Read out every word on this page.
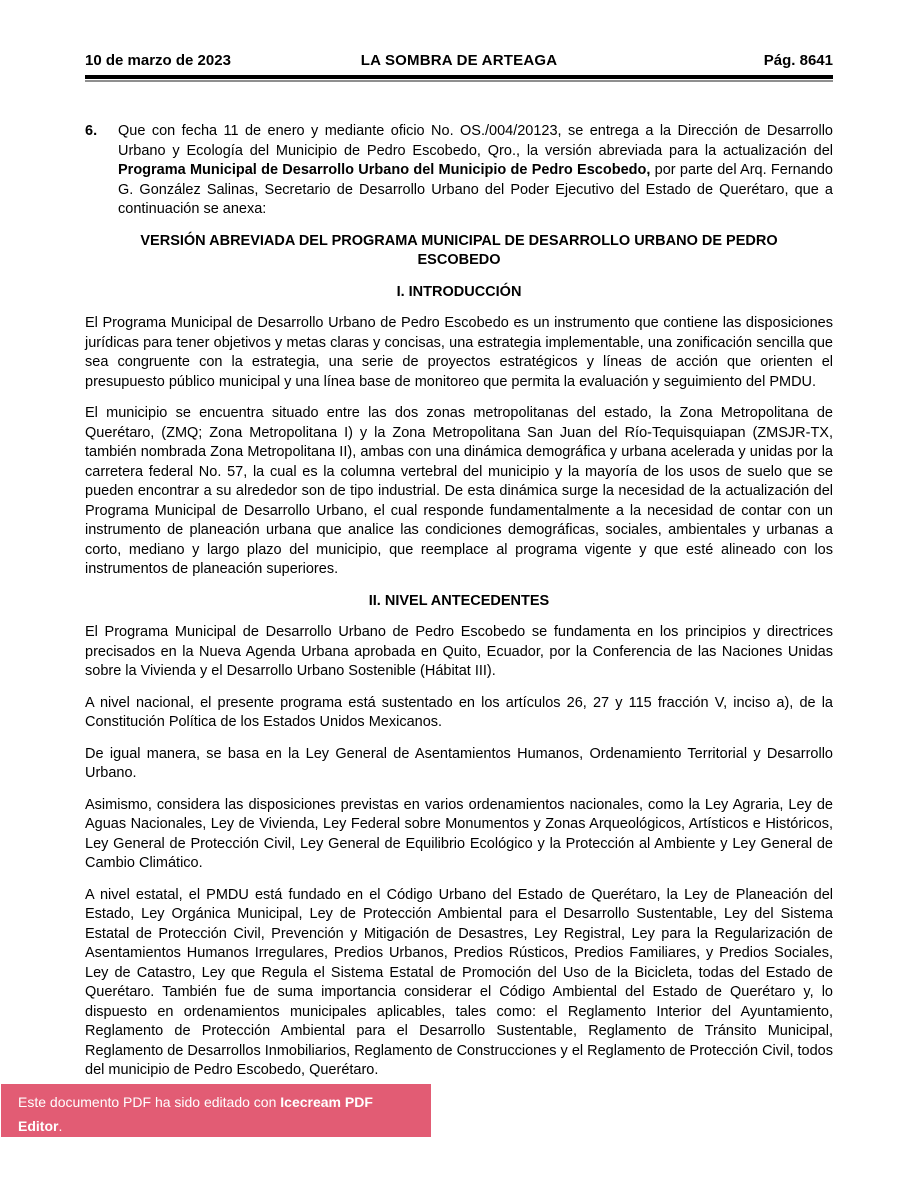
10 de marzo de 2023	LA SOMBRA DE ARTEAGA	Pág. 8641
6.	Que con fecha 11 de enero y mediante oficio No. OS./004/20123, se entrega a la Dirección de Desarrollo Urbano y Ecología del Municipio de Pedro Escobedo, Qro., la versión abreviada para la actualización del Programa Municipal de Desarrollo Urbano del Municipio de Pedro Escobedo, por parte del Arq. Fernando G. González Salinas, Secretario de Desarrollo Urbano del Poder Ejecutivo del Estado de Querétaro, que a continuación se anexa:

VERSIÓN ABREVIADA DEL PROGRAMA MUNICIPAL DE DESARROLLO URBANO DE PEDRO ESCOBEDO
I. INTRODUCCIÓN

El Programa Municipal de Desarrollo Urbano de Pedro Escobedo es un instrumento que contiene las disposiciones jurídicas para tener objetivos y metas claras y concisas, una estrategia implementable, una zonificación sencilla que sea congruente con la estrategia, una serie de proyectos estratégicos y líneas de acción que orienten el presupuesto público municipal y una línea base de monitoreo que permita la evaluación y seguimiento del PMDU.

El municipio se encuentra situado entre las dos zonas metropolitanas del estado, la Zona Metropolitana de Querétaro, (ZMQ; Zona Metropolitana I) y la Zona Metropolitana San Juan del Río-Tequisquiapan (ZMSJR-TX, también nombrada Zona Metropolitana II), ambas con una dinámica demográfica y urbana acelerada y unidas por la carretera federal No. 57, la cual es la columna vertebral del municipio y la mayoría de los usos de suelo que se pueden encontrar a su alrededor son de tipo industrial. De esta dinámica surge la necesidad de la actualización del Programa Municipal de Desarrollo Urbano, el cual responde fundamentalmente a la necesidad de contar con un instrumento de planeación urbana que analice las condiciones demográficas, sociales, ambientales y urbanas a corto, mediano y largo plazo del municipio, que reemplace al programa vigente y que esté alineado con los instrumentos de planeación superiores.

II. NIVEL ANTECEDENTES

El Programa Municipal de Desarrollo Urbano de Pedro Escobedo se fundamenta en los principios y directrices precisados en la Nueva Agenda Urbana aprobada en Quito, Ecuador, por la Conferencia de las Naciones Unidas sobre la Vivienda y el Desarrollo Urbano Sostenible (Hábitat III).

A nivel nacional, el presente programa está sustentado en los artículos 26, 27 y 115 fracción V, inciso a), de la Constitución Política de los Estados Unidos Mexicanos.

De igual manera, se basa en la Ley General de Asentamientos Humanos, Ordenamiento Territorial y Desarrollo Urbano.

Asimismo, considera las disposiciones previstas en varios ordenamientos nacionales, como la Ley Agraria, Ley de Aguas Nacionales, Ley de Vivienda, Ley Federal sobre Monumentos y Zonas Arqueológicos, Artísticos e Históricos, Ley General de Protección Civil, Ley General de Equilibrio Ecológico y la Protección al Ambiente y Ley General de Cambio Climático.

A nivel estatal, el PMDU está fundado en el Código Urbano del Estado de Querétaro, la Ley de Planeación del Estado, Ley Orgánica Municipal, Ley de Protección Ambiental para el Desarrollo Sustentable, Ley del Sistema Estatal de Protección Civil, Prevención y Mitigación de Desastres, Ley Registral, Ley para la Regularización de Asentamientos Humanos Irregulares, Predios Urbanos, Predios Rústicos, Predios Familiares, y Predios Sociales, Ley de Catastro, Ley que Regula el Sistema Estatal de Promoción del Uso de la Bicicleta, todas del Estado de Querétaro. También fue de suma importancia considerar el Código Ambiental del Estado de Querétaro y, lo dispuesto en ordenamientos municipales aplicables, tales como: el Reglamento Interior del Ayuntamiento, Reglamento de Protección Ambiental para el Desarrollo Sustentable, Reglamento de Tránsito Municipal, Reglamento de Desarrollos Inmobiliarios, Reglamento de Construcciones y el Reglamento de Protección Civil, todos del municipio de Pedro Escobedo, Querétaro.

Este documento PDF ha sido editado con Icecream PDF Editor.
Actualice a PRO para eliminar la marca de agua.
